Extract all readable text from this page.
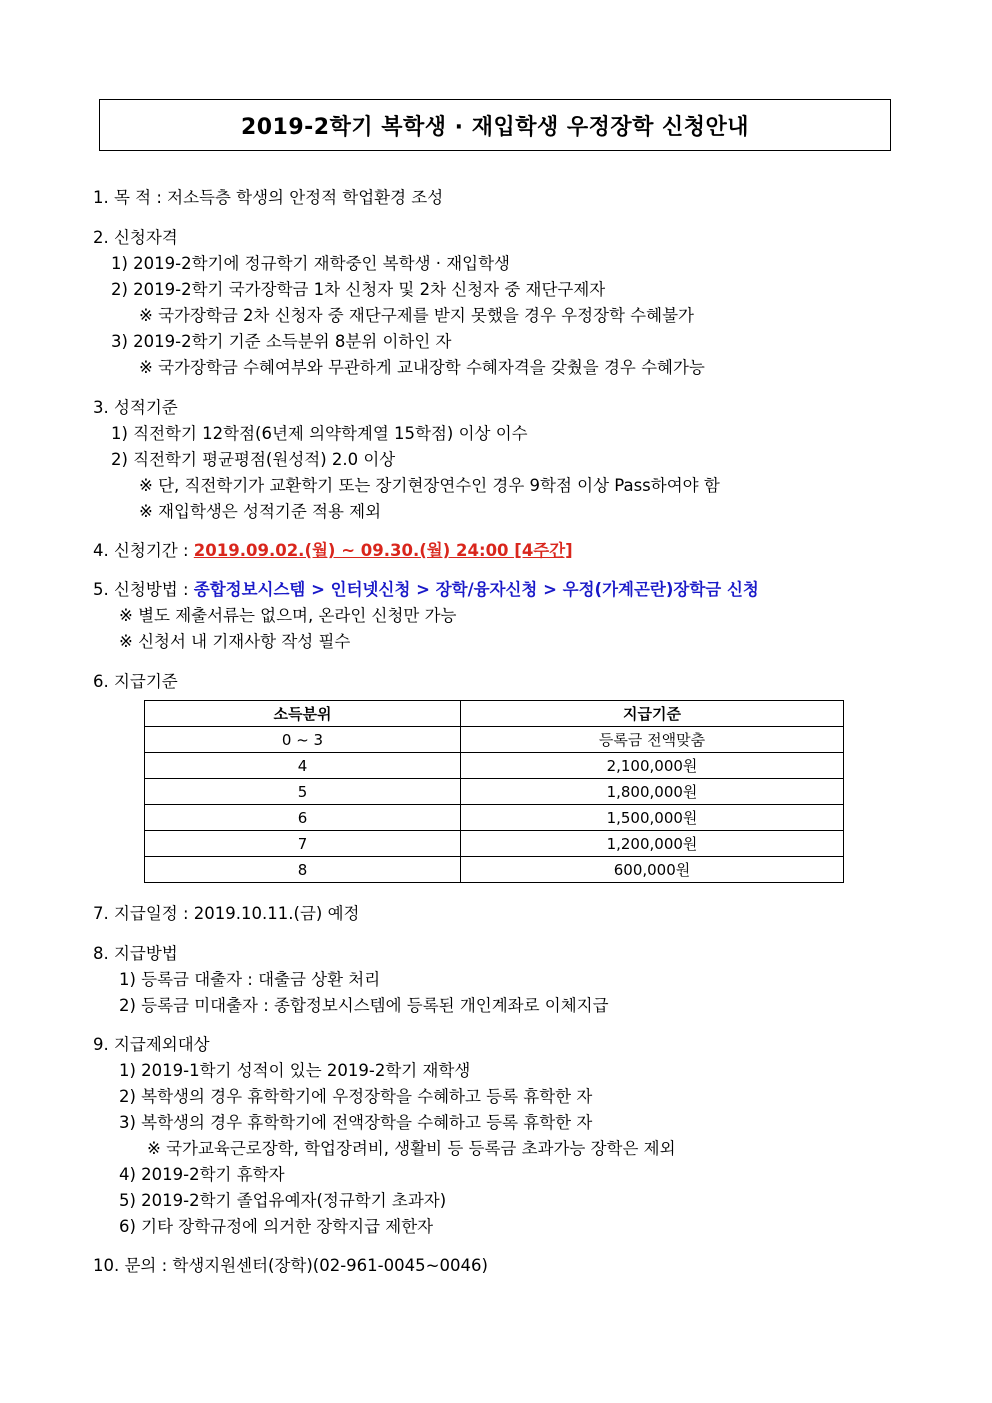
2019-2학기 복학생 · 재입학생 우정장학 신청안내
1. 목 적 : 저소득층 학생의 안정적 학업환경 조성
2. 신청자격
1) 2019-2학기에 정규학기 재학중인 복학생 · 재입학생
2) 2019-2학기 국가장학금 1차 신청자 및 2차 신청자 중 재단구제자
※ 국가장학금 2차 신청자 중 재단구제를 받지 못했을 경우 우정장학 수혜불가
3) 2019-2학기 기준 소득분위 8분위 이하인 자
※ 국가장학금 수혜여부와 무관하게 교내장학 수혜자격을 갖췄을 경우 수혜가능
3. 성적기준
1) 직전학기 12학점(6년제 의약학계열 15학점) 이상 이수
2) 직전학기 평균평점(원성적) 2.0 이상
※ 단, 직전학기가 교환학기 또는 장기현장연수인 경우 9학점 이상 Pass하여야 함
※ 재입학생은 성적기준 적용 제외
4. 신청기간 : 2019.09.02.(월) ~ 09.30.(월) 24:00 [4주간]
5. 신청방법 : 종합정보시스템 > 인터넷신청 > 장학/융자신청 > 우정(가계곤란)장학금 신청
※ 별도 제출서류는 없으며, 온라인 신청만 가능
※ 신청서 내 기재사항 작성 필수
6. 지급기준
소득분위	지급기준
0 ~ 3	등록금 전액맞춤
4	2,100,000원
5	1,800,000원
6	1,500,000원
7	1,200,000원
8	600,000원
7. 지급일정 : 2019.10.11.(금) 예정
8. 지급방법
1) 등록금 대출자 : 대출금 상환 처리
2) 등록금 미대출자 : 종합정보시스템에 등록된 개인계좌로 이체지급
9. 지급제외대상
1) 2019-1학기 성적이 있는 2019-2학기 재학생
2) 복학생의 경우 휴학학기에 우정장학을 수혜하고 등록 휴학한 자
3) 복학생의 경우 휴학학기에 전액장학을 수혜하고 등록 휴학한 자
※ 국가교육근로장학, 학업장려비, 생활비 등 등록금 초과가능 장학은 제외
4) 2019-2학기 휴학자
5) 2019-2학기 졸업유예자(정규학기 초과자)
6) 기타 장학규정에 의거한 장학지급 제한자
10. 문의 : 학생지원센터(장학)(02-961-0045~0046)
